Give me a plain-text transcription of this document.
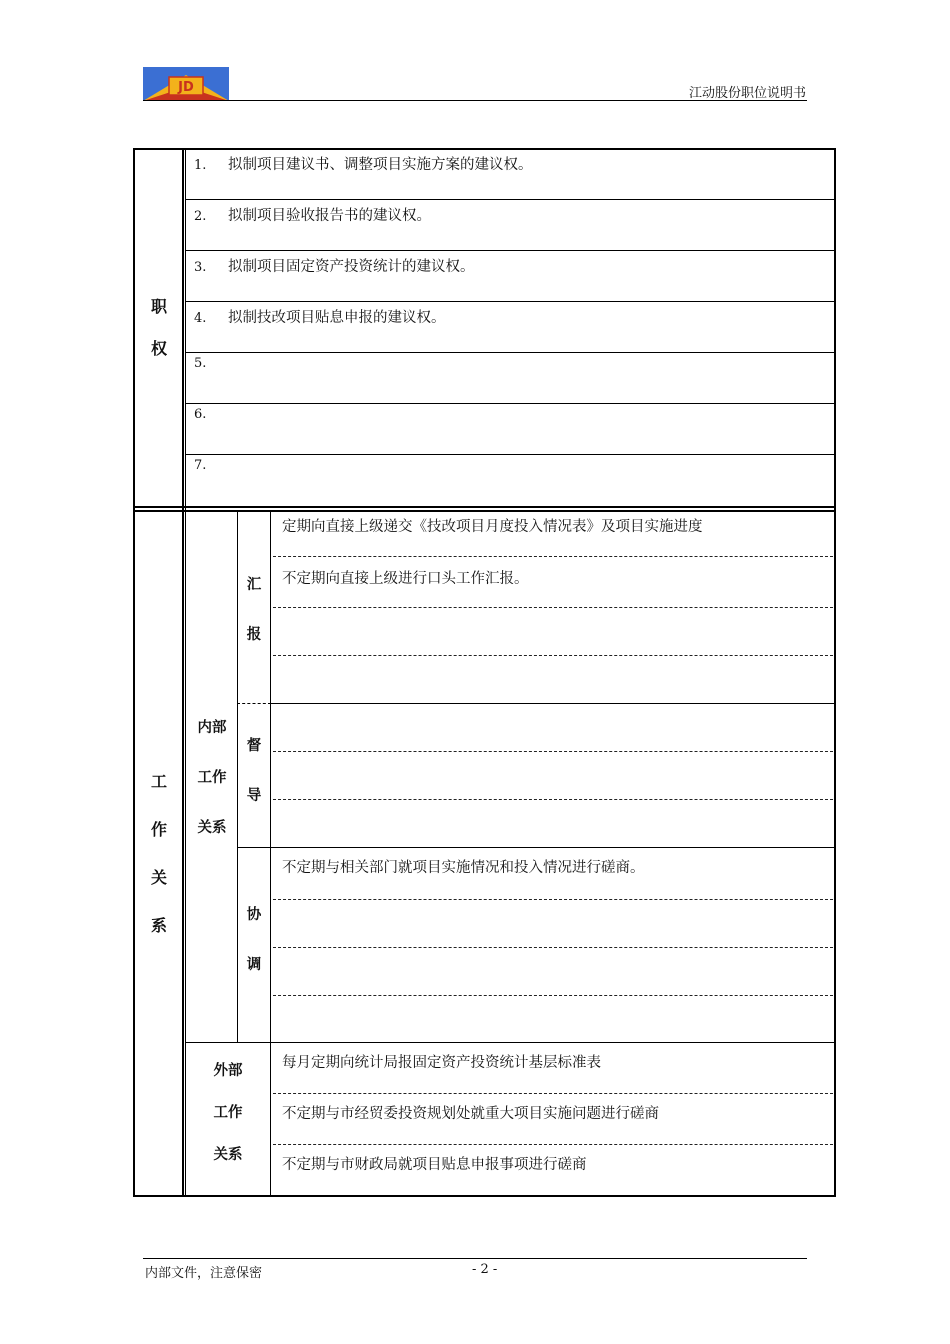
JD	江动股份职位说明书
职
权
1. 拟制项目建议书、调整项目实施方案的建议权。
2. 拟制项目验收报告书的建议权。
3. 拟制项目固定资产投资统计的建议权。
4. 拟制技改项目贴息申报的建议权。
5.
6.
7.
工
作
关
系
内部
工作
关系
汇
报
定期向直接上级递交《技改项目月度投入情况表》及项目实施进度
不定期向直接上级进行口头工作汇报。
督
导
协
调
不定期与相关部门就项目实施情况和投入情况进行磋商。
外部
工作
关系
每月定期向统计局报固定资产投资统计基层标准表
不定期与市经贸委投资规划处就重大项目实施问题进行磋商
不定期与市财政局就项目贴息申报事项进行磋商
内部文件，注意保密	- 2 -
